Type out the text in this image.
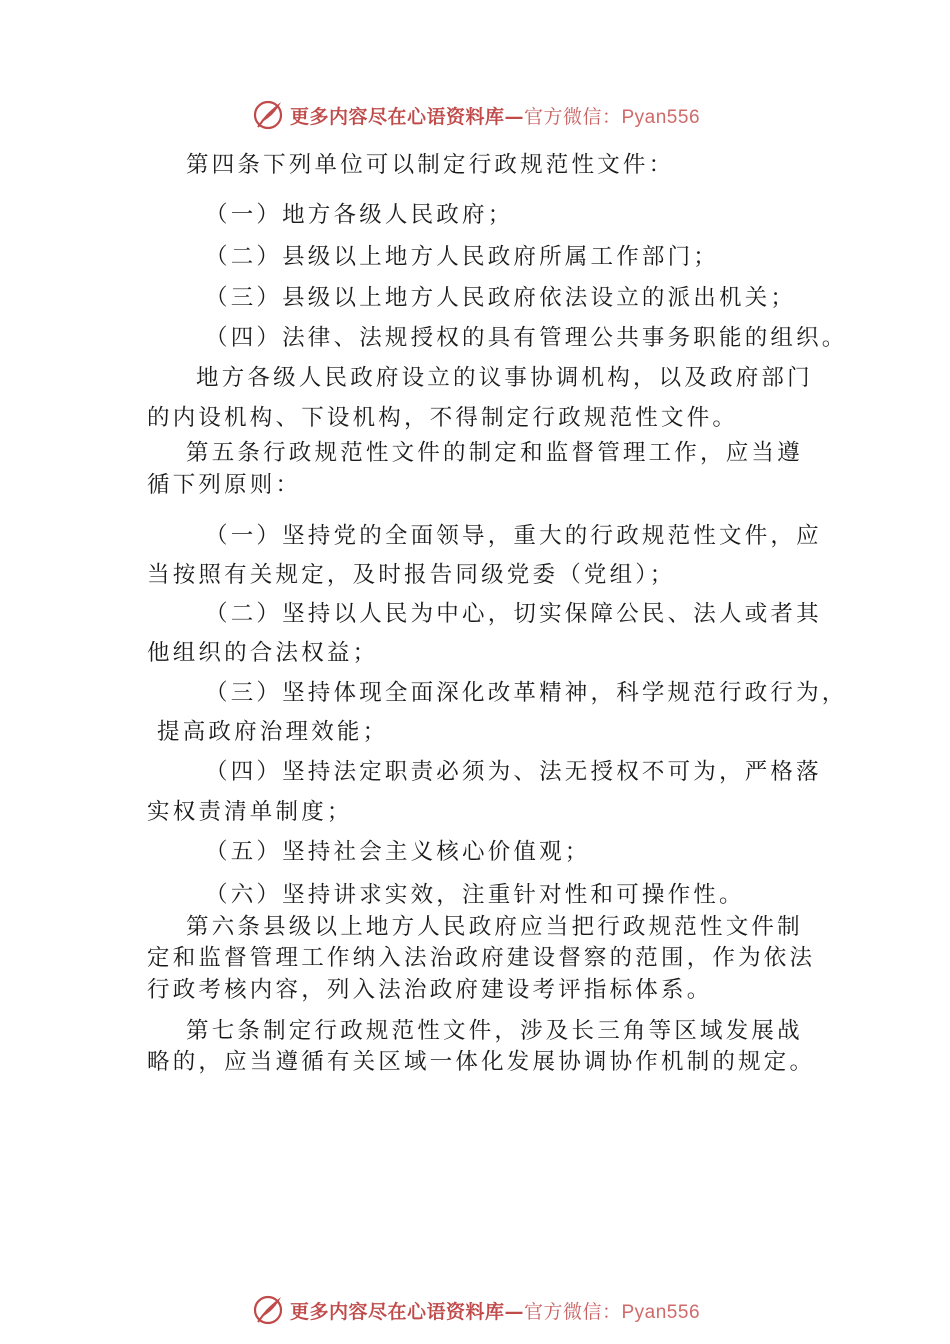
更多内容尽在心语资料库—官方微信：Pyan556
第四条下列单位可以制定行政规范性文件：
（一）地方各级人民政府；
（二）县级以上地方人民政府所属工作部门；
（三）县级以上地方人民政府依法设立的派出机关；
（四）法律、法规授权的具有管理公共事务职能的组织。
地方各级人民政府设立的议事协调机构，以及政府部门
的内设机构、下设机构，不得制定行政规范性文件。
第五条行政规范性文件的制定和监督管理工作，应当遵
循下列原则：
（一）坚持党的全面领导，重大的行政规范性文件，应
当按照有关规定，及时报告同级党委（党组）；
（二）坚持以人民为中心，切实保障公民、法人或者其
他组织的合法权益；
（三）坚持体现全面深化改革精神，科学规范行政行为，
提高政府治理效能；
（四）坚持法定职责必须为、法无授权不可为，严格落
实权责清单制度；
（五）坚持社会主义核心价值观；
（六）坚持讲求实效，注重针对性和可操作性。
第六条县级以上地方人民政府应当把行政规范性文件制
定和监督管理工作纳入法治政府建设督察的范围，作为依法
行政考核内容，列入法治政府建设考评指标体系。
第七条制定行政规范性文件，涉及长三角等区域发展战
略的，应当遵循有关区域一体化发展协调协作机制的规定。
更多内容尽在心语资料库—官方微信：Pyan556
